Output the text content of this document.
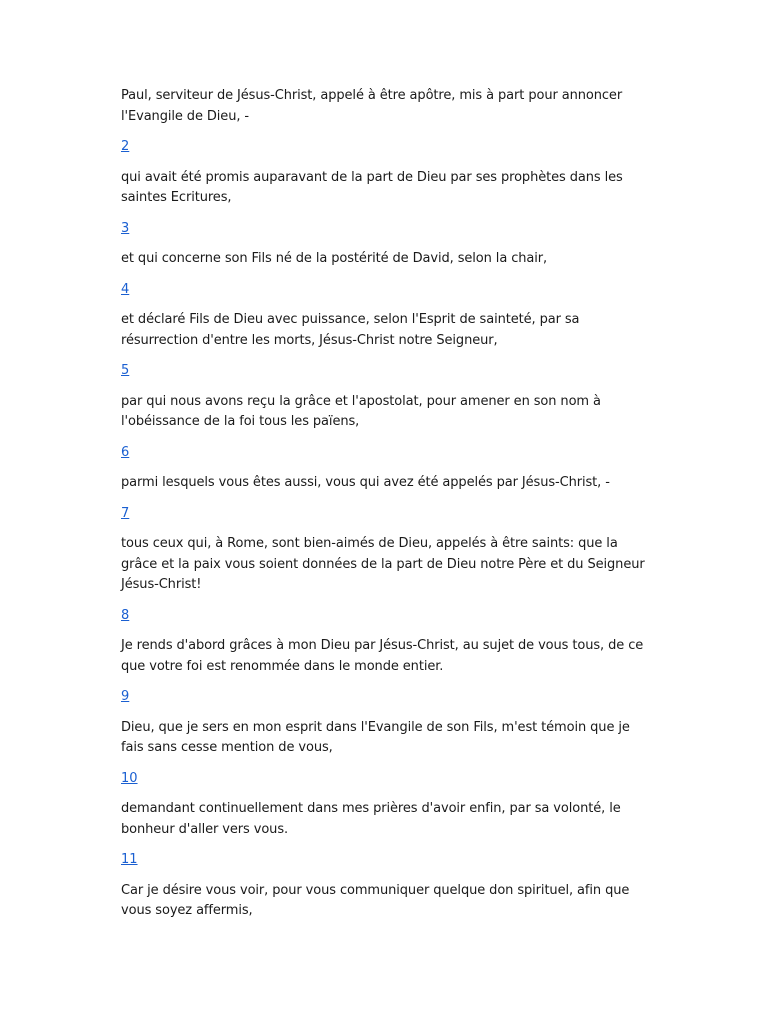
Paul, serviteur de Jésus-Christ, appelé à être apôtre, mis à part pour annoncer l'Evangile de Dieu, -

2

qui avait été promis auparavant de la part de Dieu par ses prophètes dans les saintes Ecritures,

3

et qui concerne son Fils né de la postérité de David, selon la chair,

4

et déclaré Fils de Dieu avec puissance, selon l'Esprit de sainteté, par sa résurrection d'entre les morts, Jésus-Christ notre Seigneur,

5

par qui nous avons reçu la grâce et l'apostolat, pour amener en son nom à l'obéissance de la foi tous les païens,

6

parmi lesquels vous êtes aussi, vous qui avez été appelés par Jésus-Christ, -

7

tous ceux qui, à Rome, sont bien-aimés de Dieu, appelés à être saints: que la grâce et la paix vous soient données de la part de Dieu notre Père et du Seigneur Jésus-Christ!

8

Je rends d'abord grâces à mon Dieu par Jésus-Christ, au sujet de vous tous, de ce que votre foi est renommée dans le monde entier.

9

Dieu, que je sers en mon esprit dans l'Evangile de son Fils, m'est témoin que je fais sans cesse mention de vous,

10

demandant continuellement dans mes prières d'avoir enfin, par sa volonté, le bonheur d'aller vers vous.

11

Car je désire vous voir, pour vous communiquer quelque don spirituel, afin que vous soyez affermis,
